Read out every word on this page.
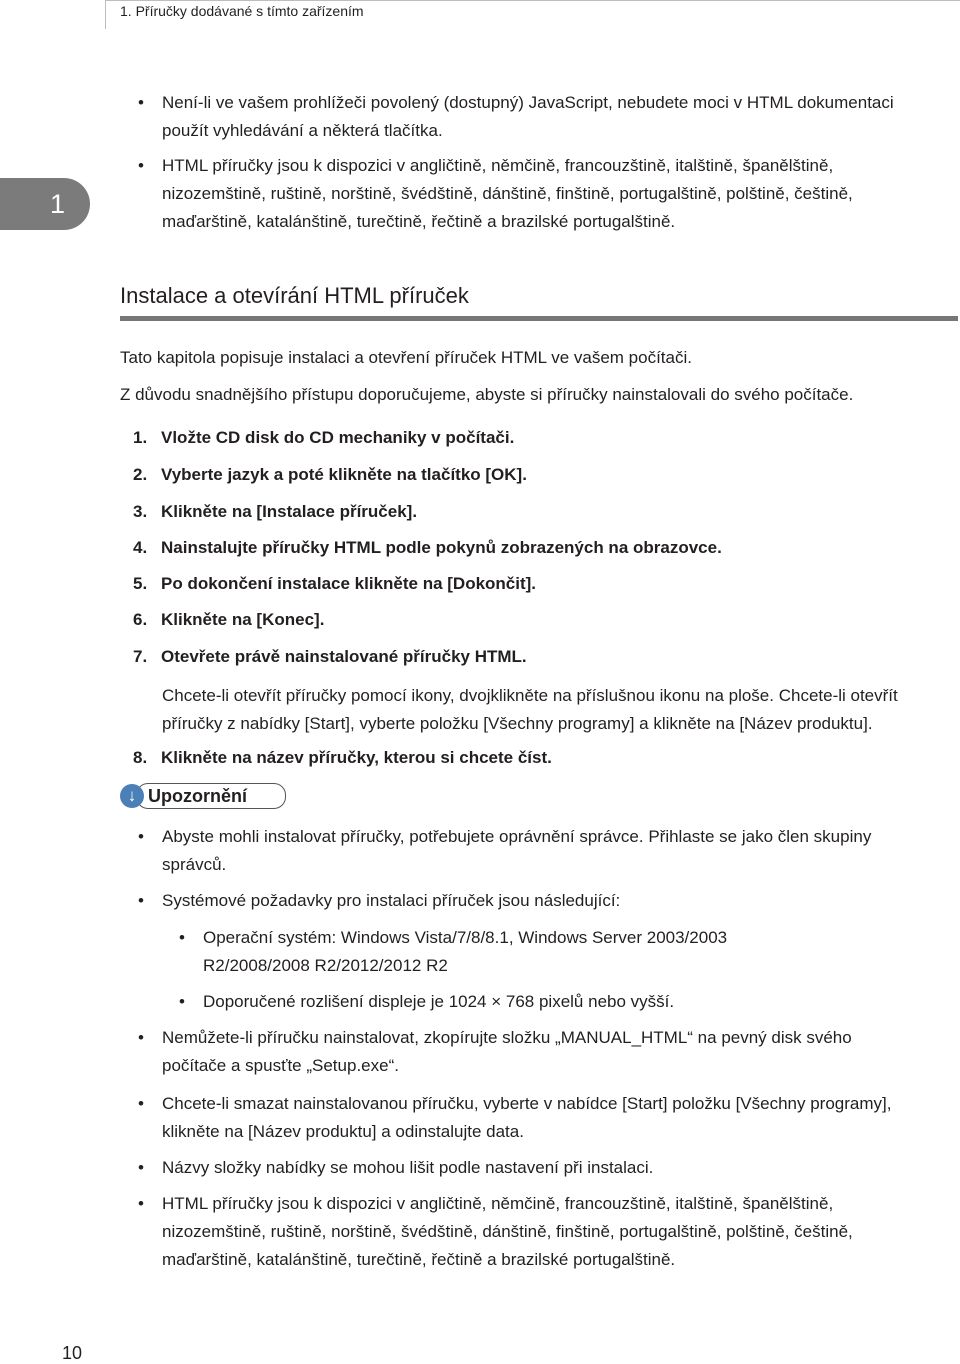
1. Příručky dodávané s tímto zařízením
1
• Není-li ve vašem prohlížeči povolený (dostupný) JavaScript, nebudete moci v HTML dokumentaci
použít vyhledávání a některá tlačítka.
• HTML příručky jsou k dispozici v angličtině, němčině, francouzštině, italštině, španělštině,
nizozemštině, ruštině, norštině, švédštině, dánštině, finštině, portugalštině, polštině, češtině,
maďarštině, katalánštině, turečtině, řečtině a brazilské portugalštině.
Instalace a otevírání HTML příruček
Tato kapitola popisuje instalaci a otevření příruček HTML ve vašem počítači.
Z důvodu snadnějšího přístupu doporučujeme, abyste si příručky nainstalovali do svého počítače.
1. Vložte CD disk do CD mechaniky v počítači.
2. Vyberte jazyk a poté klikněte na tlačítko [OK].
3. Klikněte na [Instalace příruček].
4. Nainstalujte příručky HTML podle pokynů zobrazených na obrazovce.
5. Po dokončení instalace klikněte na [Dokončit].
6. Klikněte na [Konec].
7. Otevřete právě nainstalované příručky HTML.
Chcete-li otevřít příručky pomocí ikony, dvojklikněte na příslušnou ikonu na ploše. Chcete-li otevřít
příručky z nabídky [Start], vyberte položku [Všechny programy] a klikněte na [Název produktu].
8. Klikněte na název příručky, kterou si chcete číst.
↓ Upozornění
• Abyste mohli instalovat příručky, potřebujete oprávnění správce. Přihlaste se jako člen skupiny
správců.
• Systémové požadavky pro instalaci příruček jsou následující:
• Operační systém: Windows Vista/7/8/8.1, Windows Server 2003/2003
R2/2008/2008 R2/2012/2012 R2
• Doporučené rozlišení displeje je 1024 × 768 pixelů nebo vyšší.
• Nemůžete-li příručku nainstalovat, zkopírujte složku „MANUAL_HTML“ na pevný disk svého
počítače a spusťte „Setup.exe“.
• Chcete-li smazat nainstalovanou příručku, vyberte v nabídce [Start] položku [Všechny programy],
klikněte na [Název produktu] a odinstalujte data.
• Názvy složky nabídky se mohou lišit podle nastavení při instalaci.
• HTML příručky jsou k dispozici v angličtině, němčině, francouzštině, italštině, španělštině,
nizozemštině, ruštině, norštině, švédštině, dánštině, finštině, portugalštině, polštině, češtině,
maďarštině, katalánštině, turečtině, řečtině a brazilské portugalštině.
10
